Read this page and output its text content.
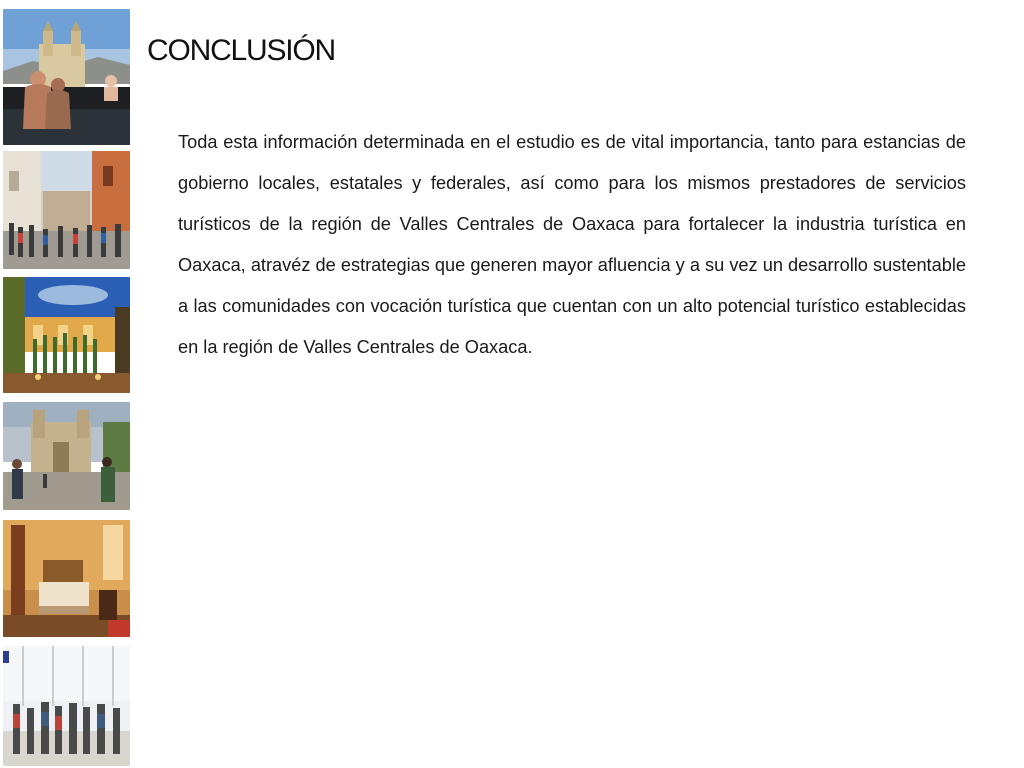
CONCLUSIÓN

Toda esta información determinada en el estudio es de vital importancia, tanto para estancias de gobierno locales, estatales y federales, así como para los mismos prestadores de servicios turísticos de la región de Valles Centrales de Oaxaca para fortalecer la industria turística en Oaxaca, atravéz de estrategias que generen mayor afluencia y a su vez un desarrollo sustentable a las comunidades con vocación turística que cuentan con un alto potencial turístico establecidas en la región de Valles Centrales de Oaxaca.
